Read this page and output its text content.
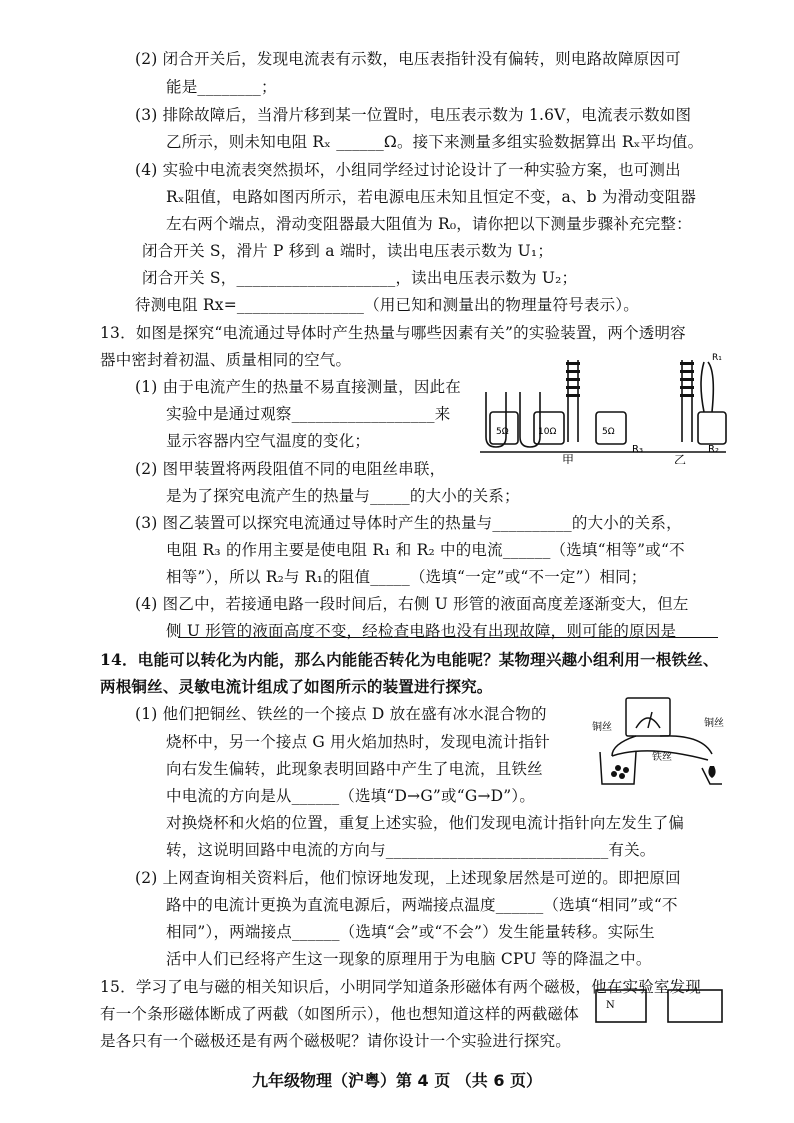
(2) 闭合开关后，发现电流表有示数，电压表指针没有偏转，则电路故障原因可
能是________；
(3) 排除故障后，当滑片移到某一位置时，电压表示数为 1.6V，电流表示数如图
乙所示，则未知电阻 Rₓ ______Ω。接下来测量多组实验数据算出 Rₓ平均值。
(4) 实验中电流表突然损坏，小组同学经过讨论设计了一种实验方案，也可测出
Rₓ阻值，电路如图丙所示，若电源电压未知且恒定不变，a、b 为滑动变阻器
左右两个端点，滑动变阻器最大阻值为 R₀，请你把以下测量步骤补充完整：
闭合开关 S，滑片 P 移到 a 端时，读出电压表示数为 U₁；
闭合开关 S，____________________，读出电压表示数为 U₂；
待测电阻 Rx=________________（用已知和测量出的物理量符号表示）。
13．如图是探究“电流通过导体时产生热量与哪些因素有关”的实验装置，两个透明容
器中密封着初温、质量相同的空气。
(1) 由于电流产生的热量不易直接测量，因此在
实验中是通过观察__________________来
显示容器内空气温度的变化；
(2) 图甲装置将两段阻值不同的电阻丝串联，
是为了探究电流产生的热量与_____的大小的关系；
(3) 图乙装置可以探究电流通过导体时产生的热量与__________的大小的关系，
电阻 R₃ 的作用主要是使电阻 R₁ 和 R₂ 中的电流______（选填“相等”或“不
相等”），所以 R₂与 R₁的阻值_____（选填“一定”或“不一定”）相同；
(4) 图乙中，若接通电路一段时间后，右侧 U 形管的液面高度差逐渐变大，但左
侧 U 形管的液面高度不变，经检查电路也没有出现故障，则可能的原因是
5Ω	10Ω	5Ω
R₃	R₂
R₁
甲	乙
14．电能可以转化为内能，那么内能能否转化为电能呢？某物理兴趣小组利用一根铁丝、
两根铜丝、灵敏电流计组成了如图所示的装置进行探究。
(1) 他们把铜丝、铁丝的一个接点 D 放在盛有冰水混合物的
烧杯中，另一个接点 G 用火焰加热时，发现电流计指针
向右发生偏转，此现象表明回路中产生了电流，且铁丝
中电流的方向是从______（选填“D→G”或“G→D”）。
对换烧杯和火焰的位置，重复上述实验，他们发现电流计指针向左发生了偏
转，这说明回路中电流的方向与____________________________有关。
(2) 上网查询相关资料后，他们惊讶地发现，上述现象居然是可逆的。即把原回
路中的电流计更换为直流电源后，两端接点温度______（选填“相同”或“不
相同”），两端接点______（选填“会”或“不会”）发生能量转移。实际生
活中人们已经将产生这一现象的原理用于为电脑 CPU 等的降温之中。
铜丝	铜丝
铁丝
15．学习了电与磁的相关知识后，小明同学知道条形磁体有两个磁极，他在实验室发现
有一个条形磁体断成了两截（如图所示），他也想知道这样的两截磁体
是各只有一个磁极还是有两个磁极呢？请你设计一个实验进行探究。
N
九年级物理（沪粤）第 4 页 （共 6 页）
